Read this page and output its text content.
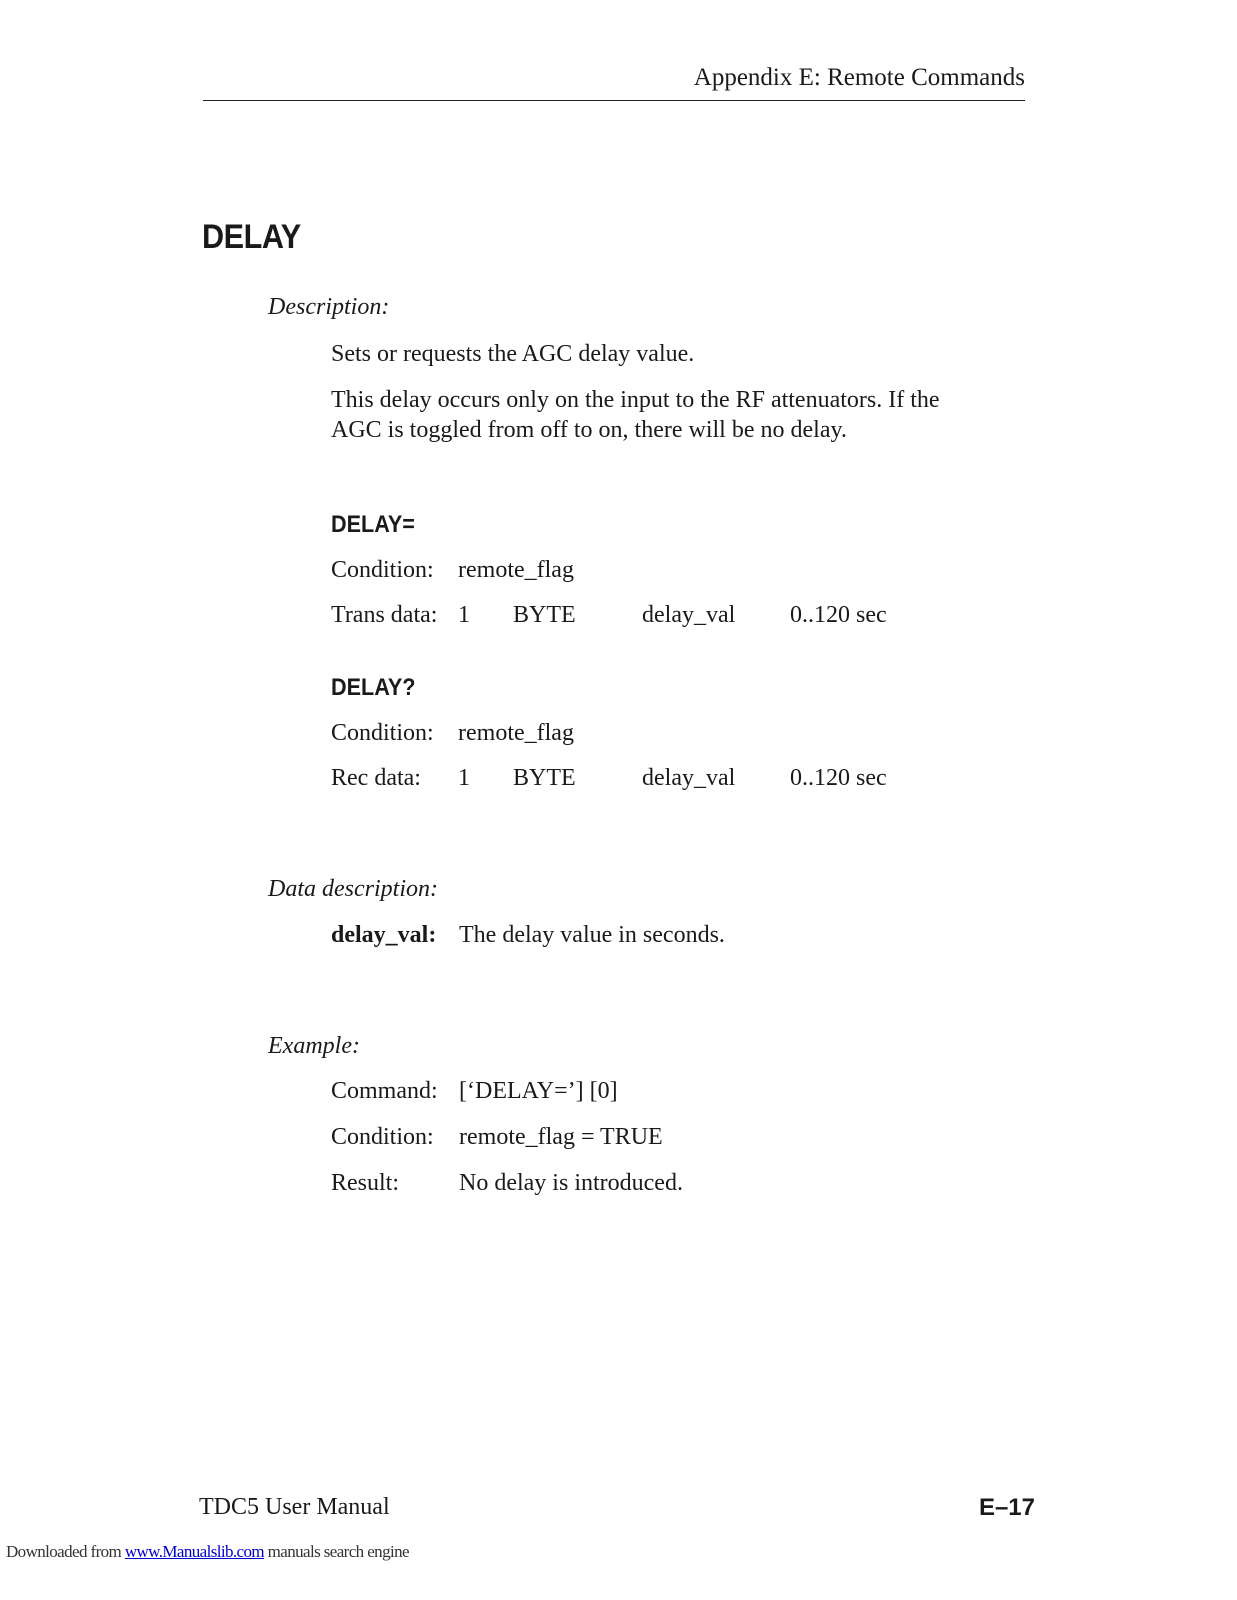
Appendix E: Remote Commands
DELAY
Description:
Sets or requests the AGC delay value.
This delay occurs only on the input to the RF attenuators. If the AGC is toggled from off to on, there will be no delay.
DELAY=
Condition: remote_flag
Trans data: 1 BYTE	delay_val 0..120 sec
DELAY?
Condition: remote_flag
Rec data: 1 BYTE	delay_val 0..120 sec
Data description:
delay_val: The delay value in seconds.
Example:
Command: [‘DELAY=’] [0]
Condition: remote_flag = TRUE
Result: No delay is introduced.
TDC5 User Manual	E–17
Downloaded from www.Manualslib.com manuals search engine
